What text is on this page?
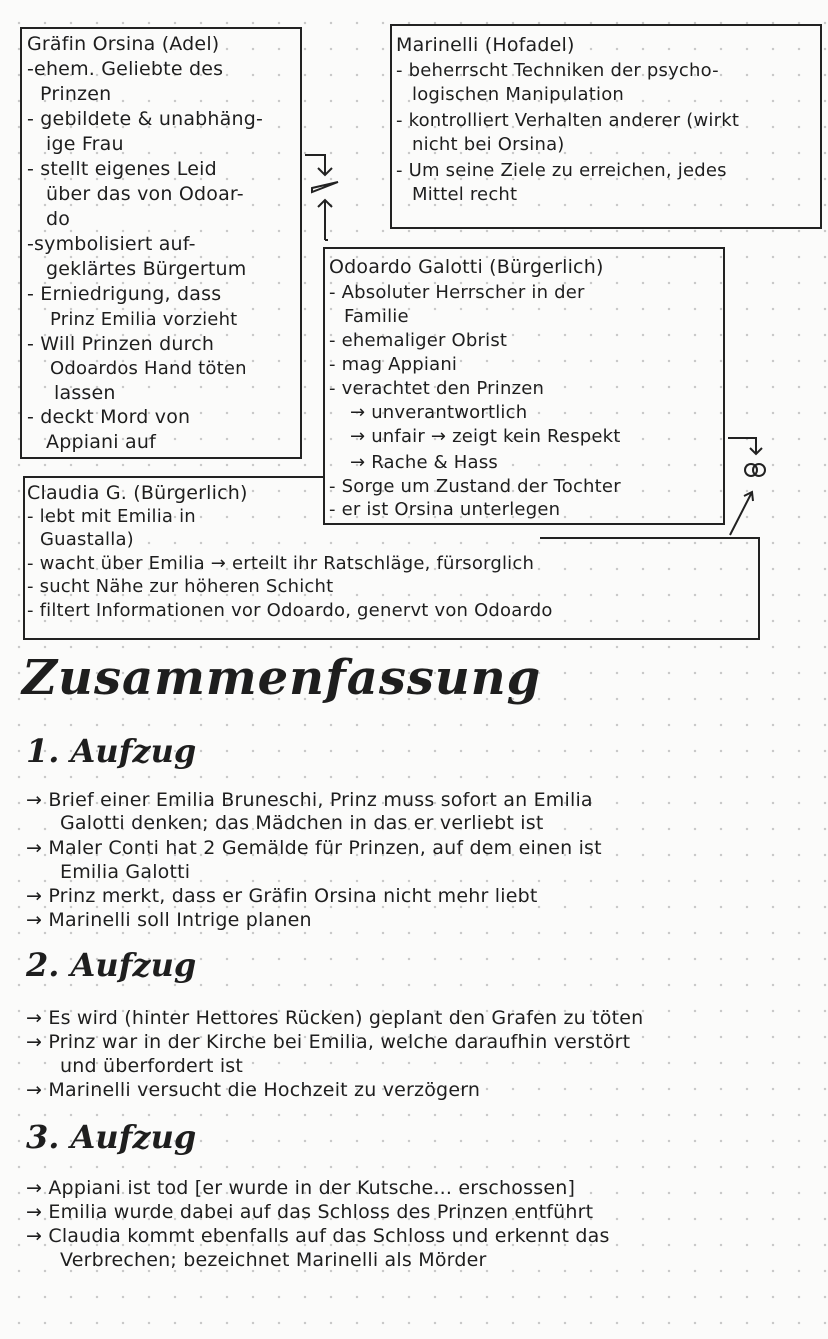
Gräfin Orsina (Adel)
-ehem. Geliebte des
Prinzen
- gebildete & unabhäng-
ige Frau
- stellt eigenes Leid
über das von Odoar-
do
-symbolisiert auf-
geklärtes Bürgertum
- Erniedrigung, dass
Prinz Emilia vorzieht
- Will Prinzen durch
Odoardos Hand töten
lassen
- deckt Mord von
Appiani auf
Marinelli (Hofadel)
- beherrscht Techniken der psycho-
logischen Manipulation
- kontrolliert Verhalten anderer (wirkt
nicht bei Orsina)
- Um seine Ziele zu erreichen, jedes
Mittel recht
Odoardo Galotti (Bürgerlich)
- Absoluter Herrscher in der
Familie
- ehemaliger Obrist
- mag Appiani
- verachtet den Prinzen
→ unverantwortlich
→ unfair → zeigt kein Respekt
→ Rache & Hass
- Sorge um Zustand der Tochter
- er ist Orsina unterlegen
Claudia G. (Bürgerlich)
- lebt mit Emilia in
Guastalla)
- wacht über Emilia → erteilt ihr Ratschläge, fürsorglich
- sucht Nähe zur höheren Schicht
- filtert Informationen vor Odoardo, genervt von Odoardo
Zusammenfassung
1. Aufzug
→ Brief einer Emilia Bruneschi, Prinz muss sofort an Emilia
Galotti denken; das Mädchen in das er verliebt ist
→ Maler Conti hat 2 Gemälde für Prinzen, auf dem einen ist
Emilia Galotti
→ Prinz merkt, dass er Gräfin Orsina nicht mehr liebt
→ Marinelli soll Intrige planen
2. Aufzug
→ Es wird (hinter Hettores Rücken) geplant den Grafen zu töten
→ Prinz war in der Kirche bei Emilia, welche daraufhin verstört
und überfordert ist
→ Marinelli versucht die Hochzeit zu verzögern
3. Aufzug
→ Appiani ist tod [er wurde in der Kutsche... erschossen]
→ Emilia wurde dabei auf das Schloss des Prinzen entführt
→ Claudia kommt ebenfalls auf das Schloss und erkennt das
Verbrechen; bezeichnet Marinelli als Mörder
